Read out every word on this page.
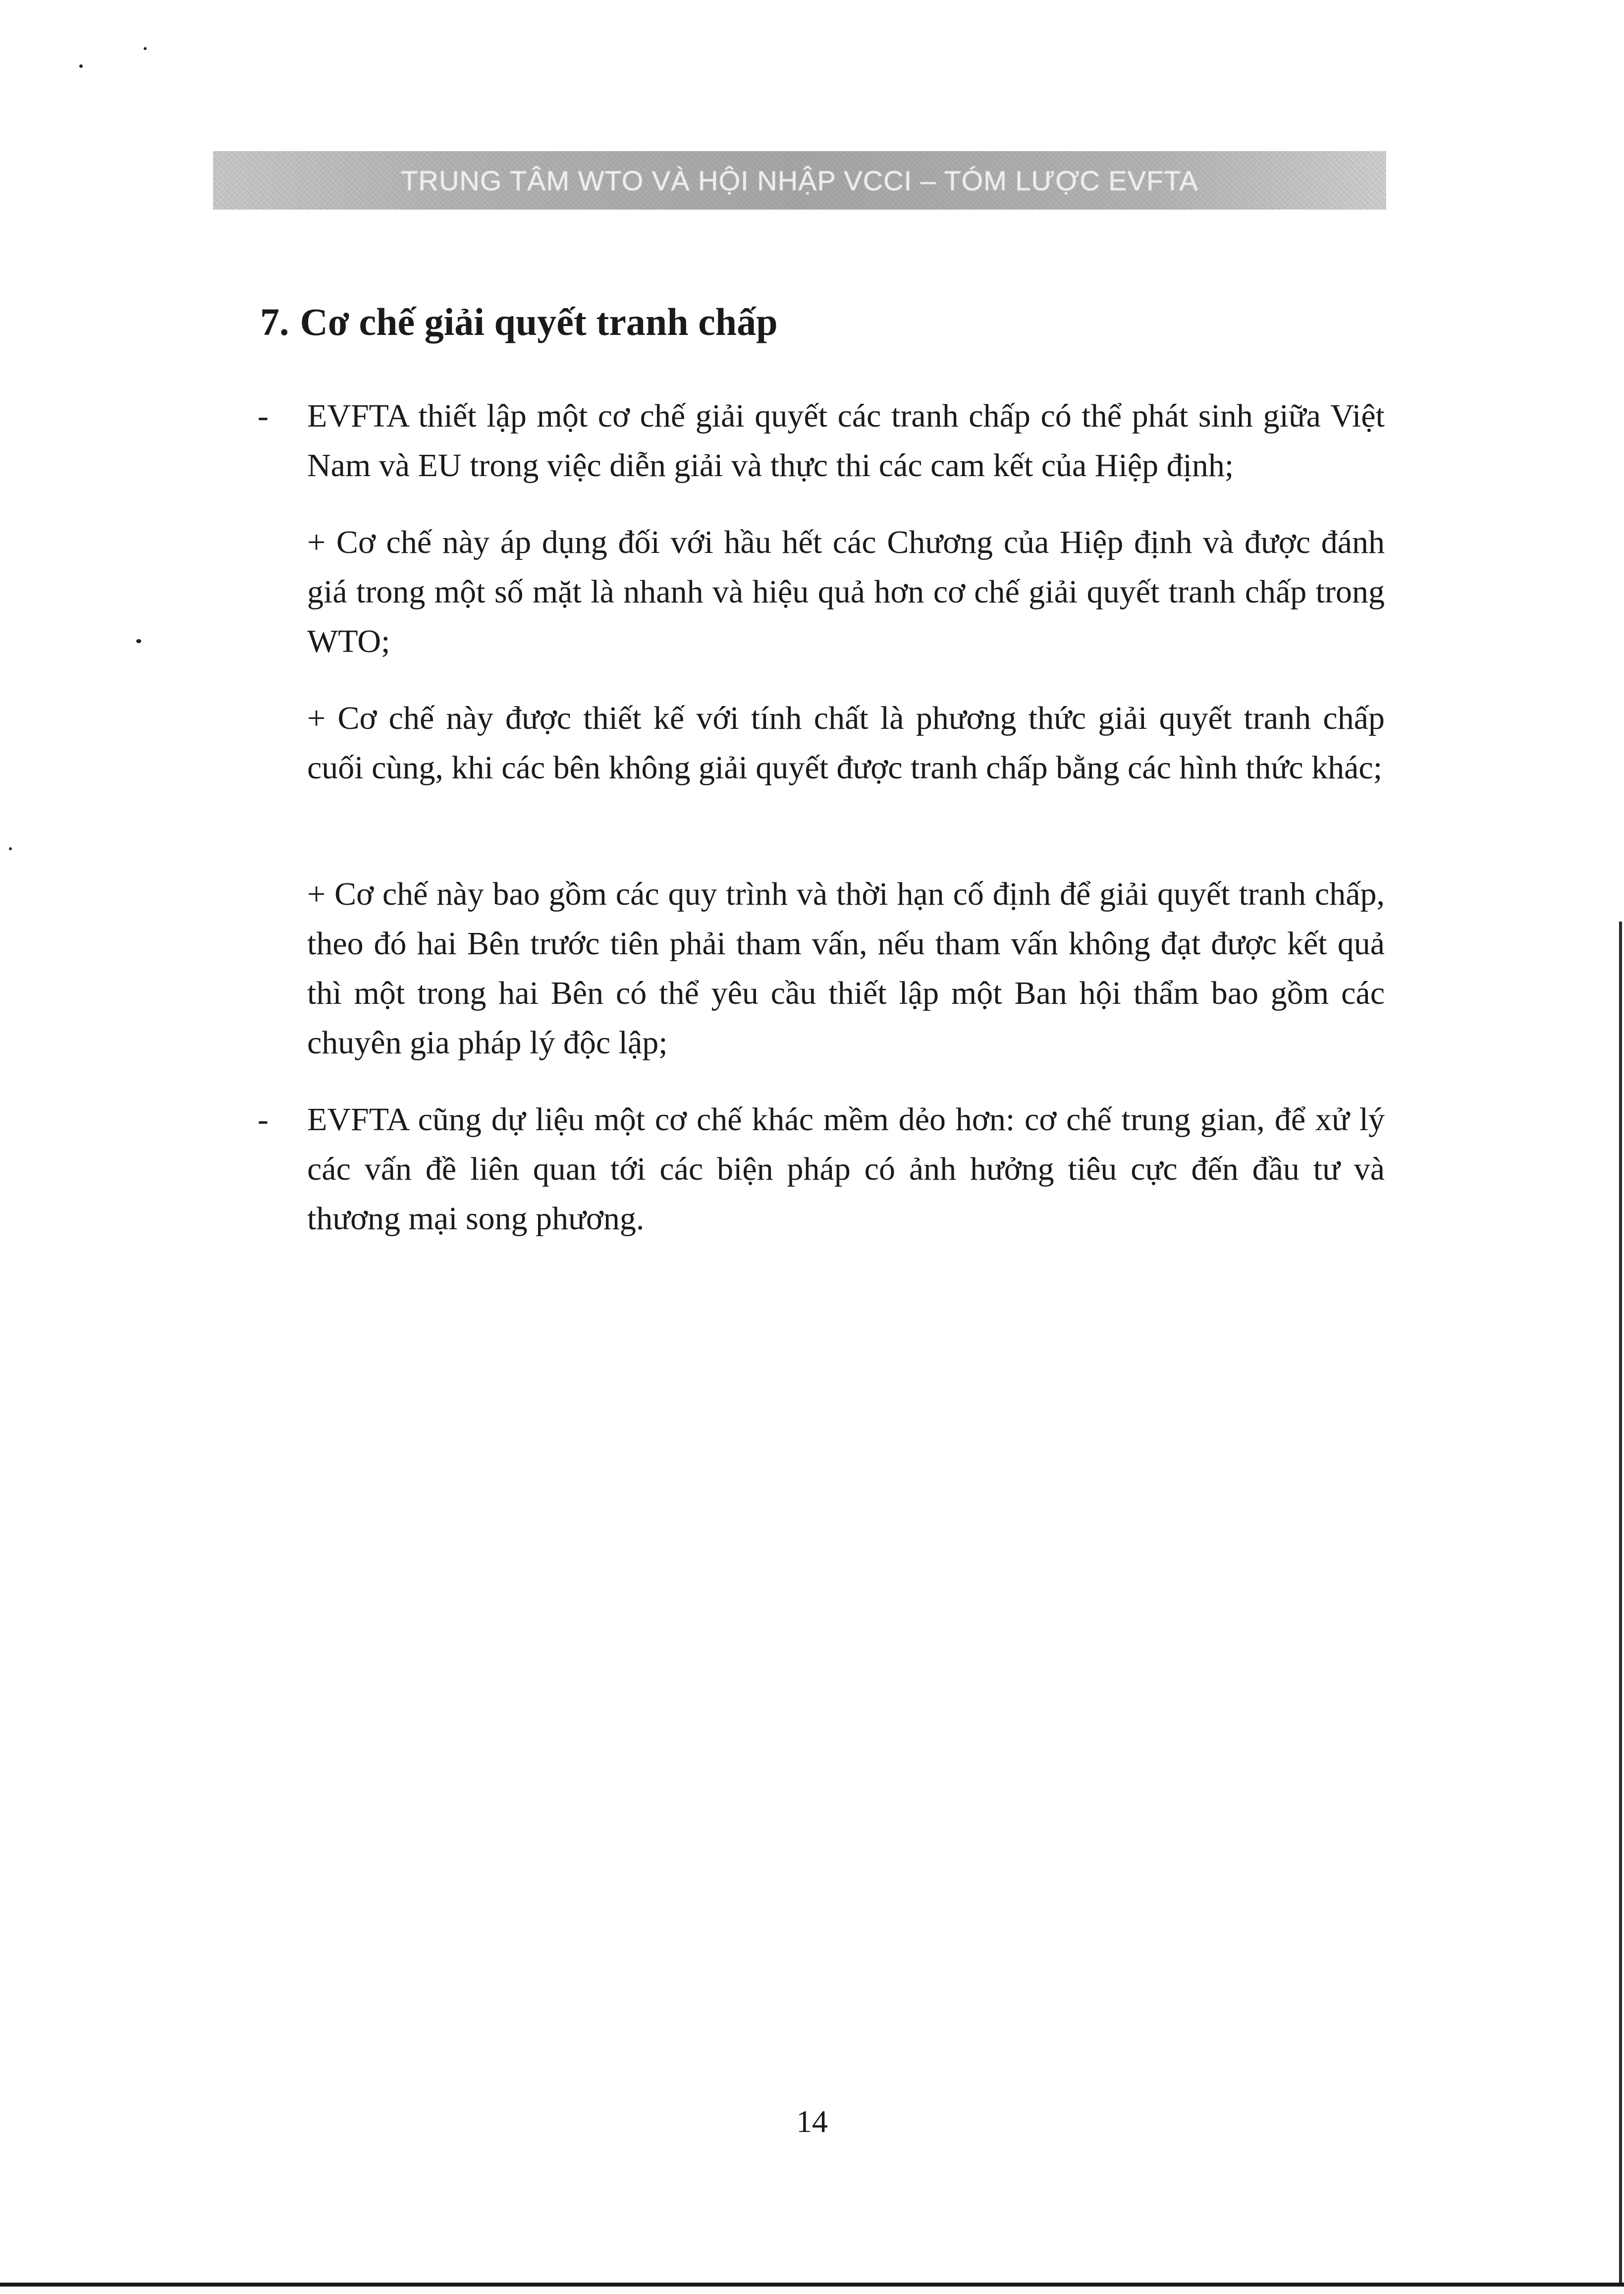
TRUNG TÂM WTO VÀ HỘI NHẬP VCCI – TÓM LƯỢC EVFTA
7. Cơ chế giải quyết tranh chấp
- EVFTA thiết lập một cơ chế giải quyết các tranh chấp có thể phát sinh giữa Việt Nam và EU trong việc diễn giải và thực thi các cam kết của Hiệp định;

+ Cơ chế này áp dụng đối với hầu hết các Chương của Hiệp định và được đánh giá trong một số mặt là nhanh và hiệu quả hơn cơ chế giải quyết tranh chấp trong WTO;

+ Cơ chế này được thiết kế với tính chất là phương thức giải quyết tranh chấp cuối cùng, khi các bên không giải quyết được tranh chấp bằng các hình thức khác;

+ Cơ chế này bao gồm các quy trình và thời hạn cố định để giải quyết tranh chấp, theo đó hai Bên trước tiên phải tham vấn, nếu tham vấn không đạt được kết quả thì một trong hai Bên có thể yêu cầu thiết lập một Ban hội thẩm bao gồm các chuyên gia pháp lý độc lập;

- EVFTA cũng dự liệu một cơ chế khác mềm dẻo hơn: cơ chế trung gian, để xử lý các vấn đề liên quan tới các biện pháp có ảnh hưởng tiêu cực đến đầu tư và thương mại song phương.

14
